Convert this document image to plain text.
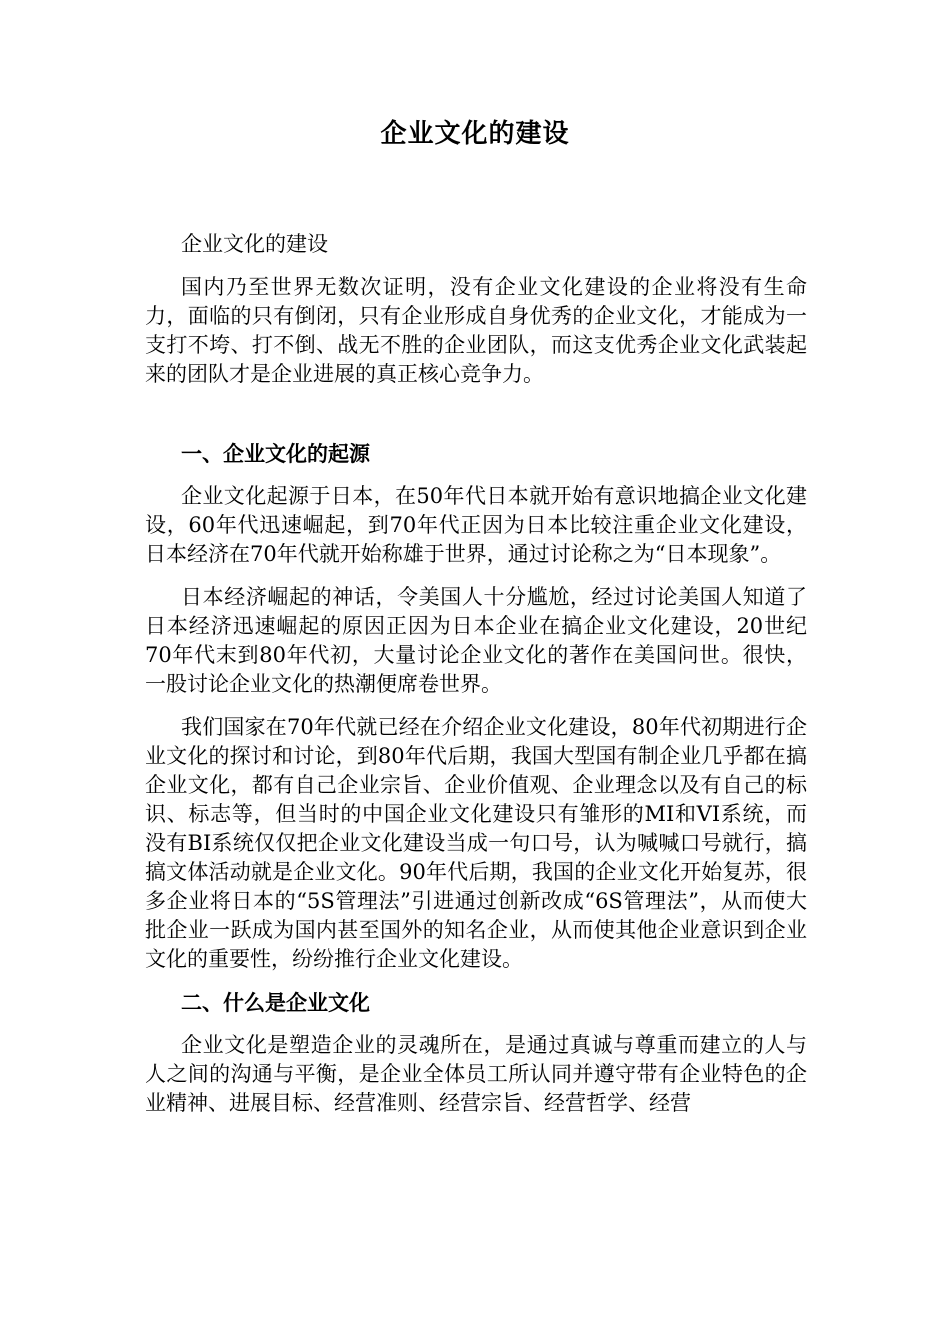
企业文化的建设

企业文化的建设

国内乃至世界无数次证明，没有企业文化建设的企业将没有生命力，面临的只有倒闭，只有企业形成自身优秀的企业文化，才能成为一支打不垮、打不倒、战无不胜的企业团队，而这支优秀企业文化武装起来的团队才是企业进展的真正核心竞争力。

一、企业文化的起源

企业文化起源于日本，在50年代日本就开始有意识地搞企业文化建设，60年代迅速崛起，到70年代正因为日本比较注重企业文化建设，日本经济在70年代就开始称雄于世界，通过讨论称之为“日本现象”。

日本经济崛起的神话，令美国人十分尴尬，经过讨论美国人知道了日本经济迅速崛起的原因正因为日本企业在搞企业文化建设，20世纪70年代末到80年代初，大量讨论企业文化的著作在美国问世。很快，一股讨论企业文化的热潮便席卷世界。

我们国家在70年代就已经在介绍企业文化建设，80年代初期进行企业文化的探讨和讨论，到80年代后期，我国大型国有制企业几乎都在搞企业文化，都有自己企业宗旨、企业价值观、企业理念以及有自己的标识、标志等，但当时的中国企业文化建设只有雏形的MI和VI系统，而没有BI系统仅仅把企业文化建设当成一句口号，认为喊喊口号就行，搞搞文体活动就是企业文化。90年代后期，我国的企业文化开始复苏，很多企业将日本的“5S管理法”引进通过创新改成“6S管理法”，从而使大批企业一跃成为国内甚至国外的知名企业，从而使其他企业意识到企业文化的重要性，纷纷推行企业文化建设。

二、什么是企业文化

企业文化是塑造企业的灵魂所在，是通过真诚与尊重而建立的人与人之间的沟通与平衡，是企业全体员工所认同并遵守带有企业特色的企业精神、进展目标、经营准则、经营宗旨、经营哲学、经营
